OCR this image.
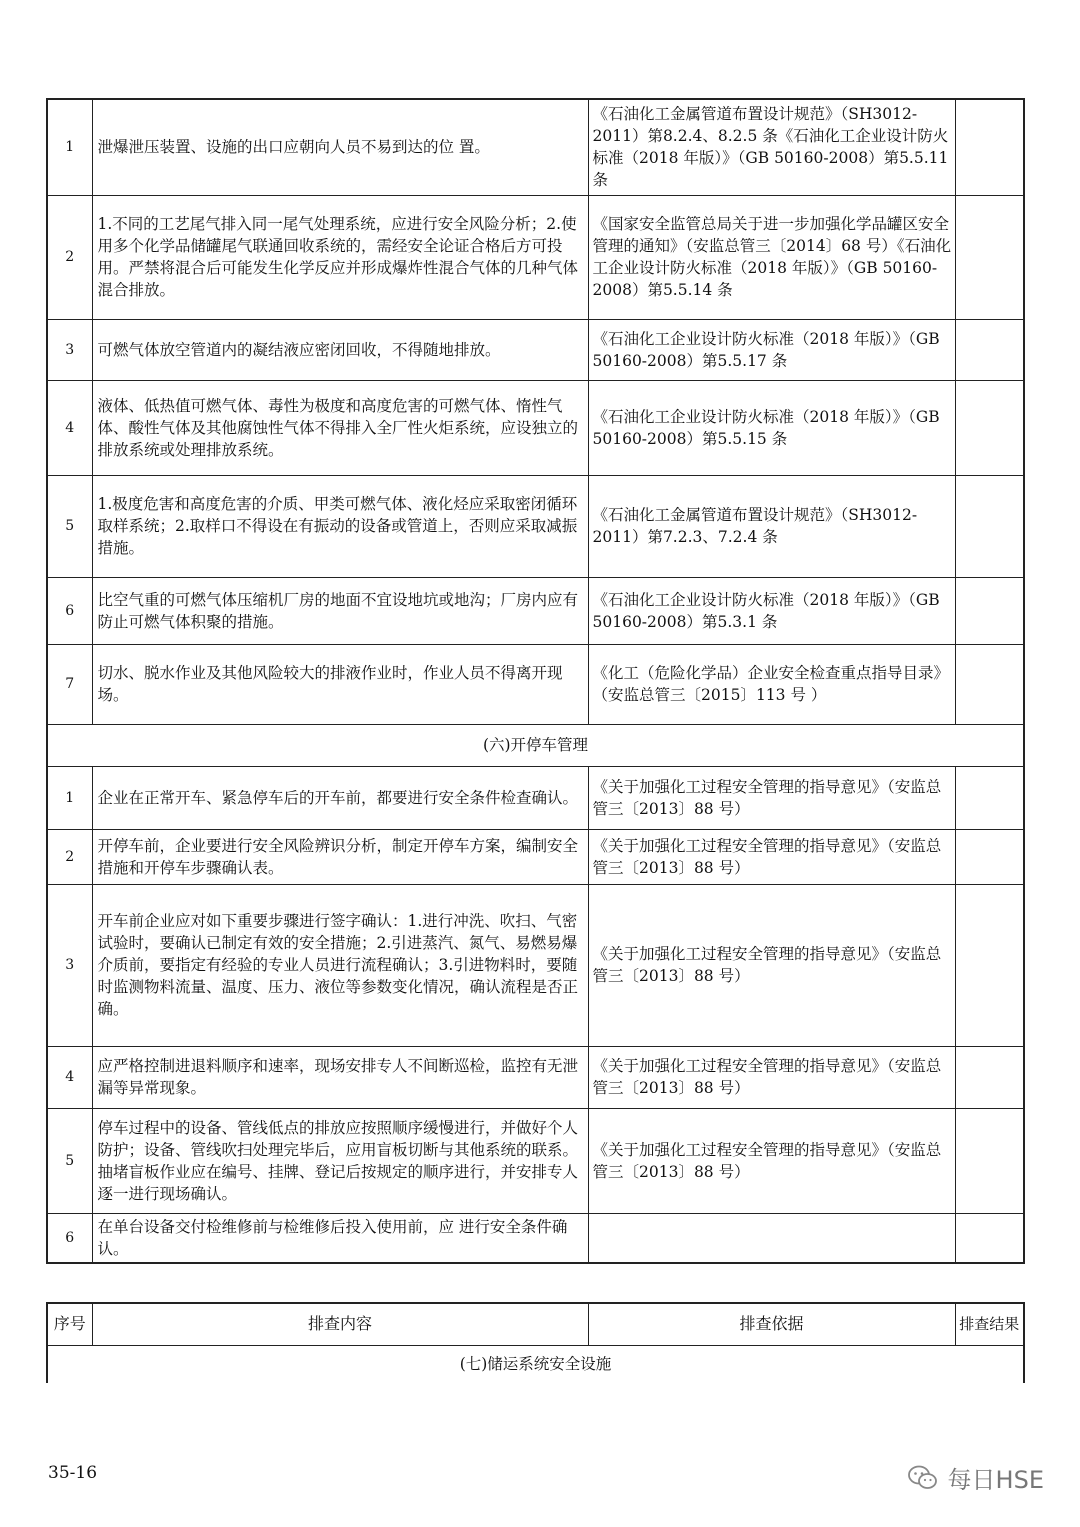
1	泄爆泄压装置、设施的出口应朝向人员不易到达的位 置。	《石油化工金属管道布置设计规范》（SH3012-2011）第8.2.4、8.2.5 条《石油化工企业设计防火标准（2018 年版）》（GB 50160-2008）第5.5.11 条	
2	1.不同的工艺尾气排入同一尾气处理系统，应进行安全风险分析；2.使用多个化学品储罐尾气联通回收系统的，需经安全论证合格后方可投用。严禁将混合后可能发生化学反应并形成爆炸性混合气体的几种气体混合排放。	《国家安全监管总局关于进一步加强化学品罐区安全管理的通知》（安监总管三〔2014〕68 号）《石油化工企业设计防火标准（2018 年版）》（GB 50160-2008）第5.5.14 条	
3	可燃气体放空管道内的凝结液应密闭回收，不得随地排放。	《石油化工企业设计防火标准（2018 年版）》（GB 50160-2008）第5.5.17 条	
4	液体、低热值可燃气体、毒性为极度和高度危害的可燃气体、惰性气体、酸性气体及其他腐蚀性气体不得排入全厂性火炬系统，应设独立的排放系统或处理排放系统。	《石油化工企业设计防火标准（2018 年版）》（GB 50160-2008）第5.5.15 条	
5	1.极度危害和高度危害的介质、甲类可燃气体、液化烃应采取密闭循环取样系统；2.取样口不得设在有振动的设备或管道上，否则应采取减振措施。	《石油化工金属管道布置设计规范》（SH3012-2011）第7.2.3、7.2.4 条	
6	比空气重的可燃气体压缩机厂房的地面不宜设地坑或地沟；厂房内应有防止可燃气体积聚的措施。	《石油化工企业设计防火标准（2018 年版）》（GB 50160-2008）第5.3.1 条	
7	切水、脱水作业及其他风险较大的排液作业时，作业人员不得离开现场。	《化工（危险化学品）企业安全检查重点指导目录》（安监总管三〔2015〕113 号 ）	
(六)开停车管理			
1	企业在正常开车、紧急停车后的开车前，都要进行安全条件检查确认。	《关于加强化工过程安全管理的指导意见》（安监总管三〔2013〕88 号）	
2	开停车前，企业要进行安全风险辨识分析，制定开停车方案，编制安全措施和开停车步骤确认表。	《关于加强化工过程安全管理的指导意见》（安监总管三〔2013〕88 号）	
3	开车前企业应对如下重要步骤进行签字确认：1.进行冲洗、吹扫、气密试验时，要确认已制定有效的安全措施；2.引进蒸汽、氮气、易燃易爆介质前，要指定有经验的专业人员进行流程确认；3.引进物料时，要随时监测物料流量、温度、压力、液位等参数变化情况，确认流程是否正确。	《关于加强化工过程安全管理的指导意见》（安监总管三〔2013〕88 号）	
4	应严格控制进退料顺序和速率，现场安排专人不间断巡检，监控有无泄漏等异常现象。	《关于加强化工过程安全管理的指导意见》（安监总管三〔2013〕88 号）	
5	停车过程中的设备、管线低点的排放应按照顺序缓慢进行，并做好个人防护；设备、管线吹扫处理完毕后，应用盲板切断与其他系统的联系。抽堵盲板作业应在编号、挂牌、登记后按规定的顺序进行，并安排专人逐一进行现场确认。	《关于加强化工过程安全管理的指导意见》（安监总管三〔2013〕88 号）	
6	在单台设备交付检维修前与检维修后投入使用前，应 进行安全条件确认。		
序号	排查内容	排查依据	排查结果
(七)储运系统安全设施
35-16	每日HSE
